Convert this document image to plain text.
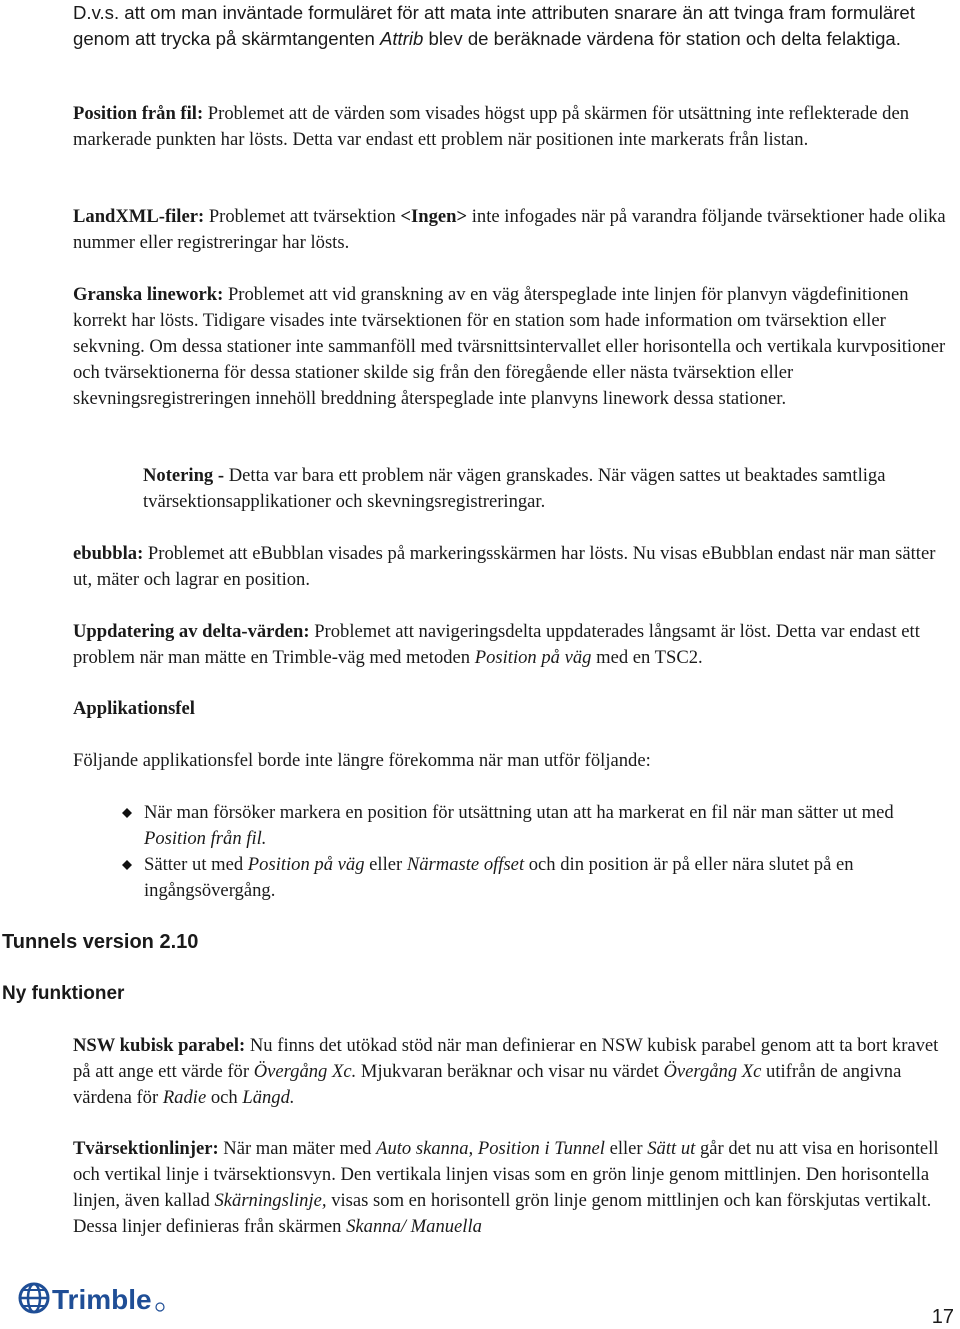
D.v.s. att om man inväntade formuläret för att mata inte attributen snarare än att tvinga fram formuläret genom att trycka på skärmtangenten Attrib blev de beräknade värdena för station och delta felaktiga.

Position från fil: Problemet att de värden som visades högst upp på skärmen för utsättning inte reflekterade den markerade punkten har lösts. Detta var endast ett problem när positionen inte markerats från listan.

LandXML-filer: Problemet att tvärsektion <Ingen> inte infogades när på varandra följande tvärsektioner hade olika nummer eller registreringar har lösts.

Granska linework: Problemet att vid granskning av en väg återspeglade inte linjen för planvyn vägdefinitionen korrekt har lösts. Tidigare visades inte tvärsektionen för en station som hade information om tvärsektion eller sekvning. Om dessa stationer inte sammanföll med tvärsnittsintervallet eller horisontella och vertikala kurvpositioner och tvärsektionerna för dessa stationer skilde sig från den föregående eller nästa tvärsektion eller skevningsregistreringen innehöll breddning återspeglade inte planvyns linework dessa stationer.

Notering - Detta var bara ett problem när vägen granskades. När vägen sattes ut beaktades samtliga tvärsektionsapplikationer och skevningsregistreringar.

ebubbla: Problemet att eBubblan visades på markeringsskärmen har lösts. Nu visas eBubblan endast när man sätter ut, mäter och lagrar en position.

Uppdatering av delta-värden: Problemet att navigeringsdelta uppdaterades långsamt är löst. Detta var endast ett problem när man mätte en Trimble-väg med metoden Position på väg med en TSC2.

Applikationsfel

Följande applikationsfel borde inte längre förekomma när man utför följande:

När man försöker markera en position för utsättning utan att ha markerat en fil när man sätter ut med Position från fil.
Sätter ut med Position på väg eller Närmaste offset och din position är på eller nära slutet på en ingångsövergång.
Tunnels version 2.10
Ny funktioner

NSW kubisk parabel: Nu finns det utökad stöd när man definierar en NSW kubisk parabel genom att ta bort kravet på att ange ett värde för Övergång Xc. Mjukvaran beräknar och visar nu värdet Övergång Xc utifrån de angivna värdena för Radie och Längd.

Tvärsektionlinjer: När man mäter med Auto skanna, Position i Tunnel eller Sätt ut går det nu att visa en horisontell och vertikal linje i tvärsektionsvyn. Den vertikala linjen visas som en grön linje genom mittlinjen. Den horisontella linjen, även kallad Skärningslinje, visas som en horisontell grön linje genom mittlinjen och kan förskjutas vertikalt. Dessa linjer definieras från skärmen Skanna/ Manuella

Trimble
17
